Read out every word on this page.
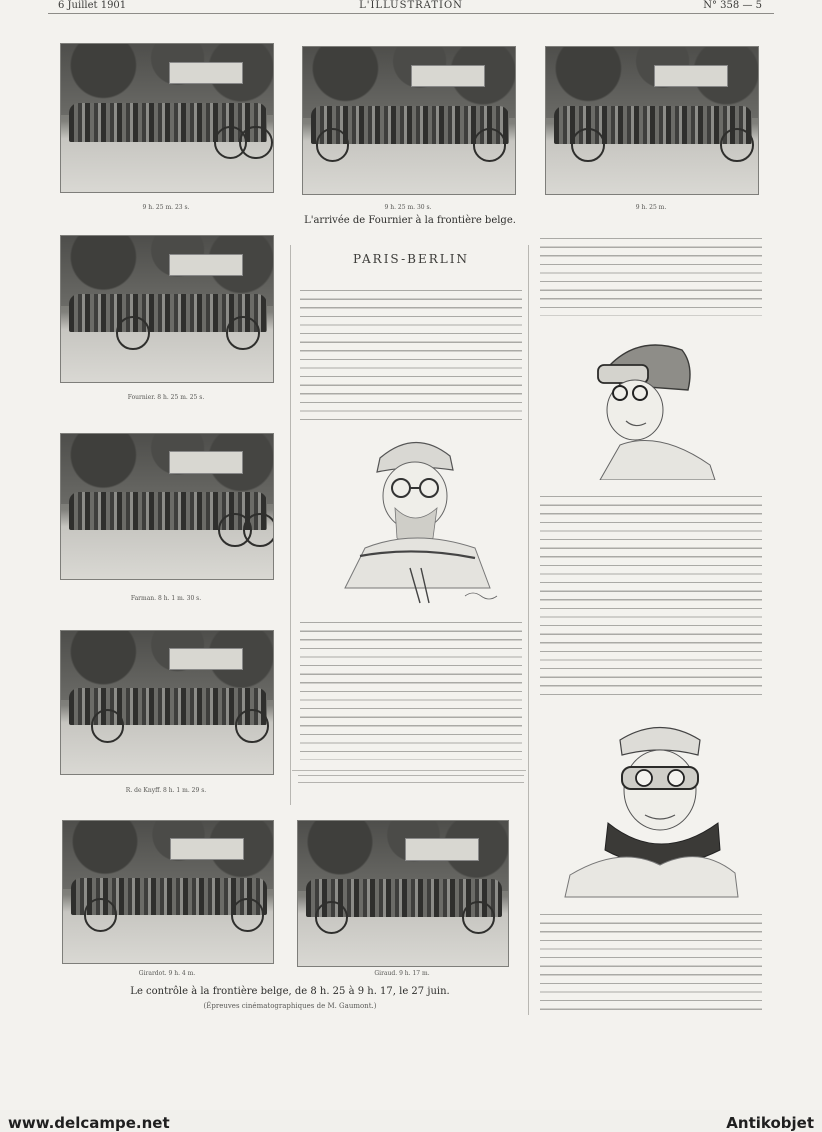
6 Juillet 1901	L'ILLUSTRATION	N° 358 — 5
9 h. 25 m. 23 s.	9 h. 25 m. 30 s.	9 h. 25 m.
L'arrivée de Fournier à la frontière belge.
Fournier. 8 h. 25 m. 25 s.
Farman. 8 h. 1 m. 30 s.
R. de Knyff. 8 h. 1 m. 29 s.
Girardot. 9 h. 4 m.	Giraud. 9 h. 17 m.
Le contrôle à la frontière belge, de 8 h. 25 à 9 h. 17, le 27 juin.
(Épreuves cinématographiques de M. Gaumont.)
PARIS-BERLIN
www.delcampe.net	Antikobjet
